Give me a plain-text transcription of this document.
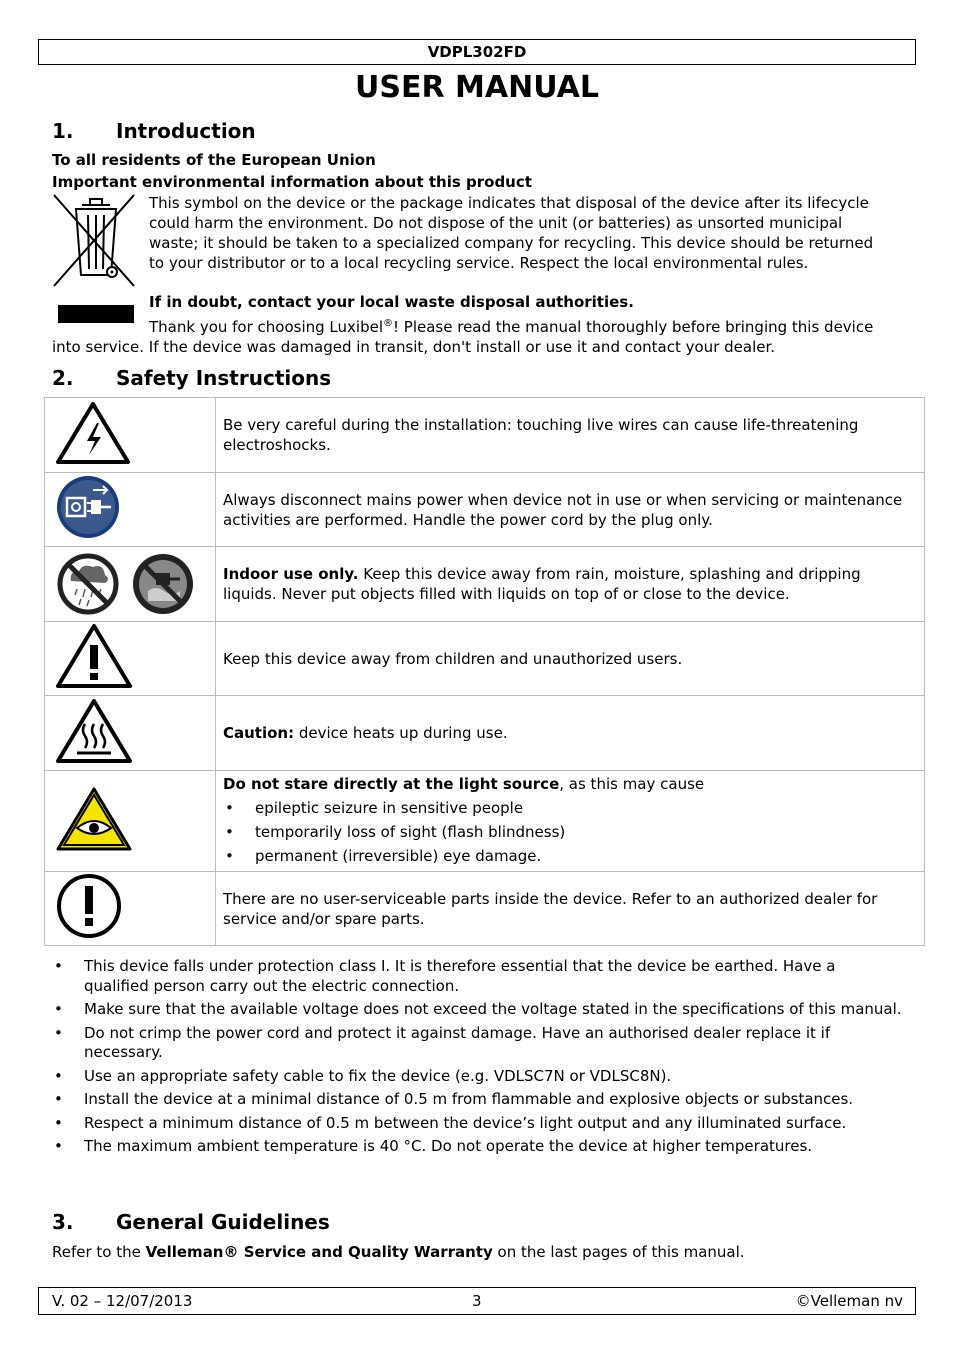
VDPL302FD
USER MANUAL
1. Introduction
To all residents of the European Union
Important environmental information about this product
This symbol on the device or the package indicates that disposal of the device after its lifecycle could harm the environment. Do not dispose of the unit (or batteries) as unsorted municipal waste; it should be taken to a specialized company for recycling. This device should be returned to your distributor or to a local recycling service. Respect the local environmental rules.
If in doubt, contact your local waste disposal authorities.
Thank you for choosing Luxibel®! Please read the manual thoroughly before bringing this device into service. If the device was damaged in transit, don't install or use it and contact your dealer.
2. Safety Instructions
	Be very careful during the installation: touching live wires can cause life-threatening electroshocks.
	Always disconnect mains power when device not in use or when servicing or maintenance activities are performed. Handle the power cord by the plug only.
	Indoor use only. Keep this device away from rain, moisture, splashing and dripping liquids. Never put objects filled with liquids on top of or close to the device.
	Keep this device away from children and unauthorized users.
	Caution: device heats up during use.

Do not stare directly at the light source, as this may cause
• epileptic seizure in sensitive people
• temporarily loss of sight (flash blindness)
• permanent (irreversible) eye damage.

	There are no user-serviceable parts inside the device. Refer to an authorized dealer for service and/or spare parts.
• This device falls under protection class I. It is therefore essential that the device be earthed. Have a qualified person carry out the electric connection.
• Make sure that the available voltage does not exceed the voltage stated in the specifications of this manual.
• Do not crimp the power cord and protect it against damage. Have an authorised dealer replace it if necessary.
• Use an appropriate safety cable to fix the device (e.g. VDLSC7N or VDLSC8N).
• Install the device at a minimal distance of 0.5 m from flammable and explosive objects or substances.
• Respect a minimum distance of 0.5 m between the device’s light output and any illuminated surface.
• The maximum ambient temperature is 40 °C. Do not operate the device at higher temperatures.
3. General Guidelines
Refer to the Velleman® Service and Quality Warranty on the last pages of this manual.
V. 02 – 12/07/2013	3	©Velleman nv
